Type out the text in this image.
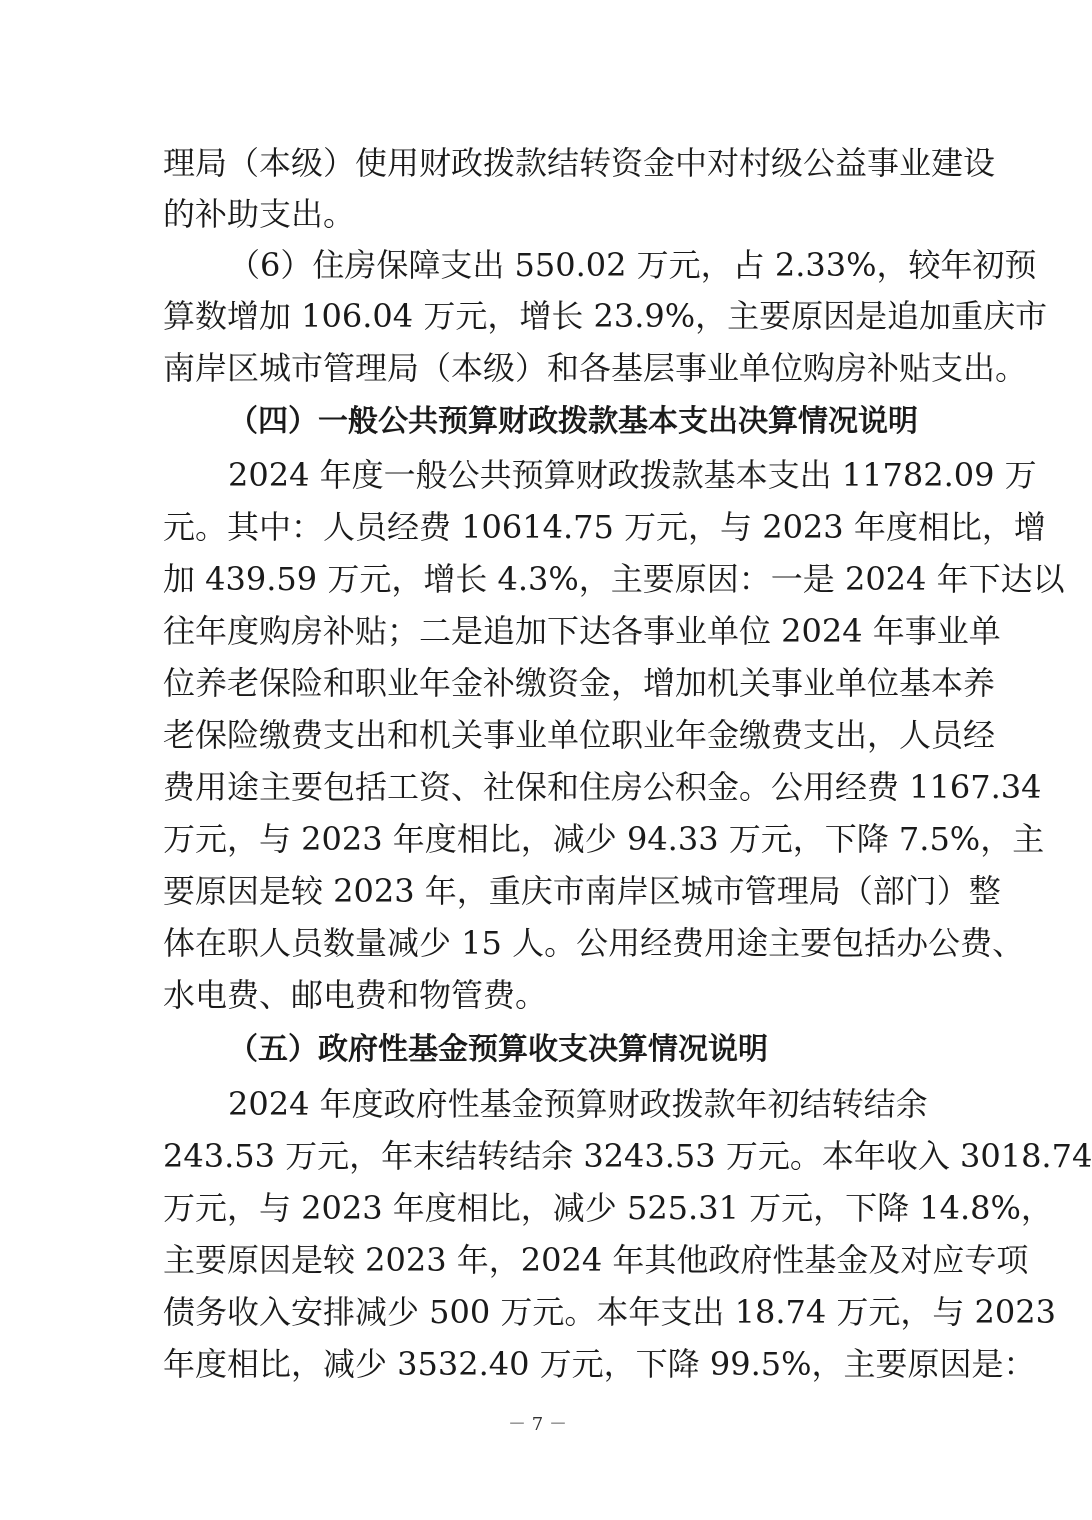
理局（本级）使用财政拨款结转资金中对村级公益事业建设
的补助支出。
（6）住房保障支出 550.02 万元，占 2.33%，较年初预
算数增加 106.04 万元，增长 23.9%，主要原因是追加重庆市
南岸区城市管理局（本级）和各基层事业单位购房补贴支出。
（四）一般公共预算财政拨款基本支出决算情况说明
2024 年度一般公共预算财政拨款基本支出 11782.09 万
元。其中：人员经费 10614.75 万元，与 2023 年度相比，增
加 439.59 万元，增长 4.3%，主要原因：一是 2024 年下达以
往年度购房补贴；二是追加下达各事业单位 2024 年事业单
位养老保险和职业年金补缴资金，增加机关事业单位基本养
老保险缴费支出和机关事业单位职业年金缴费支出，人员经
费用途主要包括工资、社保和住房公积金。公用经费 1167.34
万元，与 2023 年度相比，减少 94.33 万元，下降 7.5%，主
要原因是较 2023 年，重庆市南岸区城市管理局（部门）整
体在职人员数量减少 15 人。公用经费用途主要包括办公费、
水电费、邮电费和物管费。
（五）政府性基金预算收支决算情况说明
2024 年度政府性基金预算财政拨款年初结转结余
243.53 万元，年末结转结余 3243.53 万元。本年收入 3018.74
万元，与 2023 年度相比，减少 525.31 万元，下降 14.8%，
主要原因是较 2023 年，2024 年其他政府性基金及对应专项
债务收入安排减少 500 万元。本年支出 18.74 万元，与 2023
年度相比，减少 3532.40 万元，下降 99.5%，主要原因是：
－ 7 －
